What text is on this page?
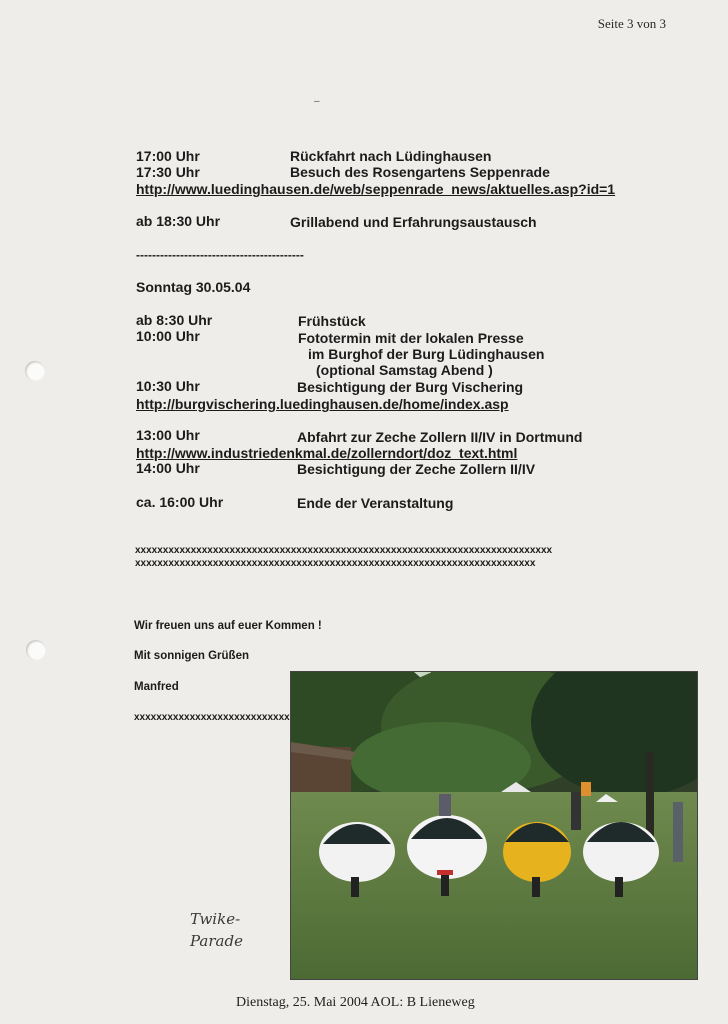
Seite 3 von 3
–
17:00 Uhr	Rückfahrt nach Lüdinghausen
17:30 Uhr	Besuch des Rosengartens Seppenrade
http://www.luedinghausen.de/web/seppenrade_news/aktuelles.asp?id=1
ab 18:30 Uhr	Grillabend und Erfahrungsaustausch
------------------------------------------
Sonntag 30.05.04
ab 8:30 Uhr	Frühstück
10:00 Uhr	Fototermin mit der lokalen Presse
im Burghof der Burg Lüdinghausen
(optional Samstag Abend )
10:30 Uhr	Besichtigung der Burg Vischering
http://burgvischering.luedinghausen.de/home/index.asp
13:00 Uhr	Abfahrt zur Zeche Zollern II/IV in Dortmund
http://www.industriedenkmal.de/zollerndort/doz_text.html
14:00 Uhr	Besichtigung der Zeche Zollern II/IV
ca. 16:00 Uhr	Ende der Veranstaltung
xxxxxxxxxxxxxxxxxxxxxxxxxxxxxxxxxxxxxxxxxxxxxxxxxxxxxxxxxxxxxxxxxxxxxxxxxxx
xxxxxxxxxxxxxxxxxxxxxxxxxxxxxxxxxxxxxxxxxxxxxxxxxxxxxxxxxxxxxxxxxxxxxxxx
Wir freuen uns auf euer Kommen !
Mit sonnigen Grüßen
Manfred
xxxxxxxxxxxxxxxxxxxxxxxxxxxx
Twike-
Parade
Dienstag, 25. Mai 2004 AOL: B Lieneweg
